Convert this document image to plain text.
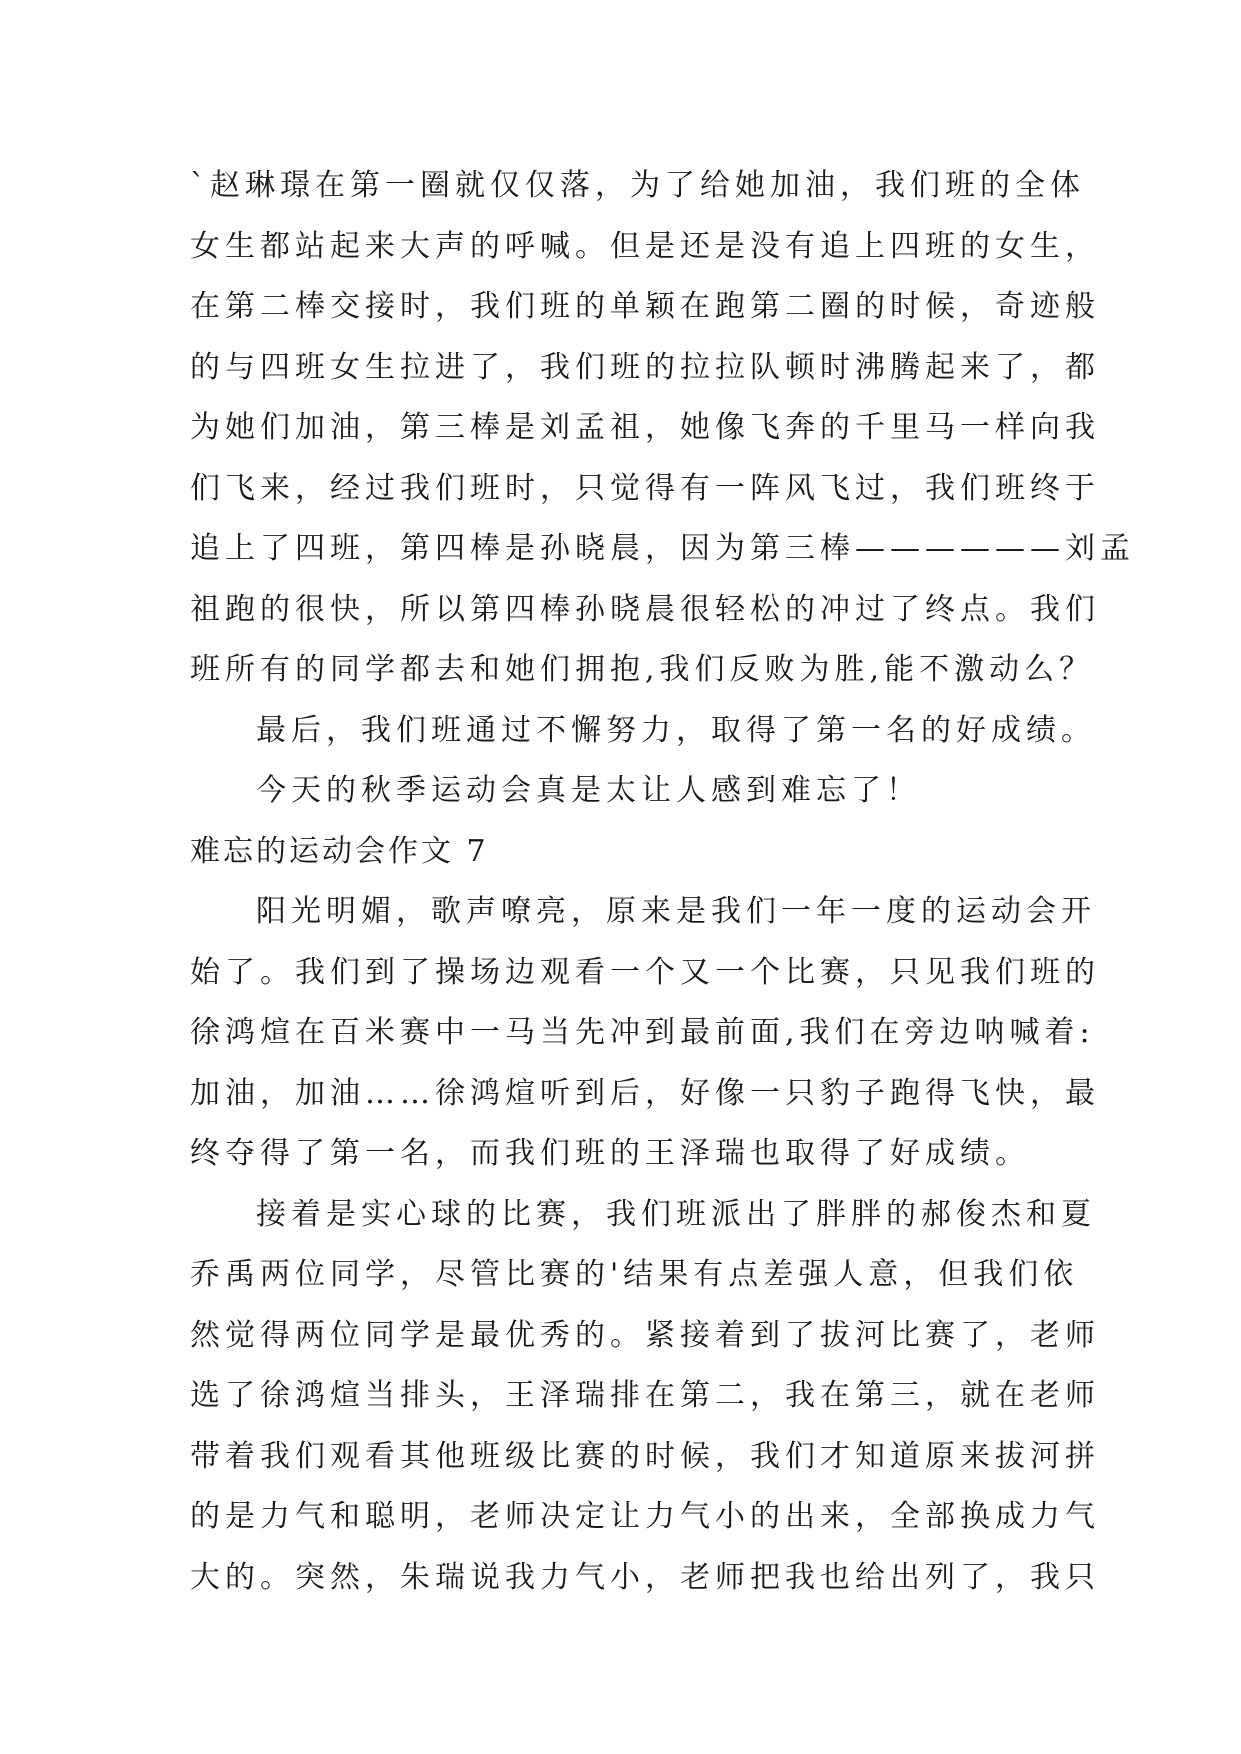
`赵琳璟在第一圈就仅仅落，为了给她加油，我们班的全体
女生都站起来大声的呼喊。但是还是没有追上四班的女生，
在第二棒交接时，我们班的单颖在跑第二圈的时候，奇迹般
的与四班女生拉进了，我们班的拉拉队顿时沸腾起来了，都
为她们加油，第三棒是刘孟祖，她像飞奔的千里马一样向我
们飞来，经过我们班时，只觉得有一阵风飞过，我们班终于
追上了四班，第四棒是孙晓晨，因为第三棒——————刘孟
祖跑的很快，所以第四棒孙晓晨很轻松的冲过了终点。我们
班所有的同学都去和她们拥抱,我们反败为胜,能不激动么？
最后，我们班通过不懈努力，取得了第一名的好成绩。
今天的秋季运动会真是太让人感到难忘了！
难忘的运动会作文 7
阳光明媚，歌声嘹亮，原来是我们一年一度的运动会开
始了。我们到了操场边观看一个又一个比赛，只见我们班的
徐鸿煊在百米赛中一马当先冲到最前面,我们在旁边呐喊着:
加油，加油……徐鸿煊听到后，好像一只豹子跑得飞快，最
终夺得了第一名，而我们班的王泽瑞也取得了好成绩。
接着是实心球的比赛，我们班派出了胖胖的郝俊杰和夏
乔禹两位同学，尽管比赛的'结果有点差强人意，但我们依
然觉得两位同学是最优秀的。紧接着到了拔河比赛了，老师
选了徐鸿煊当排头，王泽瑞排在第二，我在第三，就在老师
带着我们观看其他班级比赛的时候，我们才知道原来拔河拼
的是力气和聪明，老师决定让力气小的出来，全部换成力气
大的。突然，朱瑞说我力气小，老师把我也给出列了，我只
